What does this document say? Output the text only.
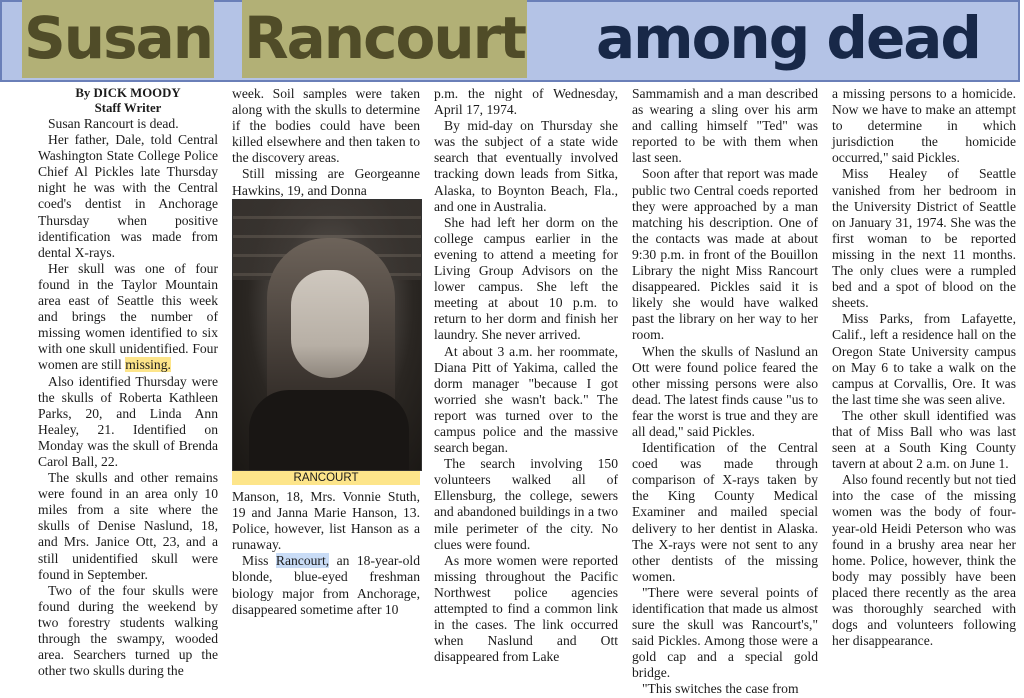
Susan Rancourt among dead
By DICK MOODY
Staff Writer

Susan Rancourt is dead.

Her father, Dale, told Central Washington State College Police Chief Al Pickles late Thursday night he was with the Central coed's dentist in Anchorage Thursday when positive identification was made from dental X-rays.

Her skull was one of four found in the Taylor Mountain area east of Seattle this week and brings the number of missing women identified to six with one skull unidentified. Four women are still missing.

Also identified Thursday were the skulls of Roberta Kathleen Parks, 20, and Linda Ann Healey, 21. Identified on Monday was the skull of Brenda Carol Ball, 22.

The skulls and other remains were found in an area only 10 miles from a site where the skulls of Denise Naslund, 18, and Mrs. Janice Ott, 23, and a still unidentified skull were found in September.

Two of the four skulls were found during the weekend by two forestry students walking through the swampy, wooded area. Searchers turned up the other two skulls during the

week. Soil samples were taken along with the skulls to determine if the bodies could have been killed elsewhere and then taken to the discovery areas.

Still missing are Georgeanne Hawkins, 19, and Donna

RANCOURT

Manson, 18, Mrs. Vonnie Stuth, 19 and Janna Marie Hanson, 13. Police, however, list Hanson as a runaway.

Miss Rancourt, an 18-year-old blonde, blue-eyed freshman biology major from Anchorage, disappeared sometime after 10

p.m. the night of Wednesday, April 17, 1974.

By mid-day on Thursday she was the subject of a state wide search that eventually involved tracking down leads from Sitka, Alaska, to Boynton Beach, Fla., and one in Australia.

She had left her dorm on the college campus earlier in the evening to attend a meeting for Living Group Advisors on the lower campus. She left the meeting at about 10 p.m. to return to her dorm and finish her laundry. She never arrived.

At about 3 a.m. her roommate, Diana Pitt of Yakima, called the dorm manager "because I got worried she wasn't back." The report was turned over to the campus police and the massive search began.

The search involving 150 volunteers walked all of Ellensburg, the college, sewers and abandoned buildings in a two mile perimeter of the city. No clues were found.

As more women were reported missing throughout the Pacific Northwest police agencies attempted to find a common link in the cases. The link occurred when Naslund and Ott disappeared from Lake

Sammamish and a man described as wearing a sling over his arm and calling himself "Ted" was reported to be with them when last seen.

Soon after that report was made public two Central coeds reported they were approached by a man matching his description. One of the contacts was made at about 9:30 p.m. in front of the Bouillon Library the night Miss Rancourt disappeared. Pickles said it is likely she would have walked past the library on her way to her room.

When the skulls of Naslund an Ott were found police feared the other missing persons were also dead. The latest finds cause "us to fear the worst is true and they are all dead," said Pickles.

Identification of the Central coed was made through comparison of X-rays taken by the King County Medical Examiner and mailed special delivery to her dentist in Alaska. The X-rays were not sent to any other dentists of the missing women.

"There were several points of identification that made us almost sure the skull was Rancourt's," said Pickles. Among those were a gold cap and a special gold bridge.

"This switches the case from

a missing persons to a homicide. Now we have to make an attempt to determine in which jurisdiction the homicide occurred," said Pickles.

Miss Healey of Seattle vanished from her bedroom in the University District of Seattle on January 31, 1974. She was the first woman to be reported missing in the next 11 months. The only clues were a rumpled bed and a spot of blood on the sheets.

Miss Parks, from Lafayette, Calif., left a residence hall on the Oregon State University campus on May 6 to take a walk on the campus at Corvallis, Ore. It was the last time she was seen alive.

The other skull identified was that of Miss Ball who was last seen at a South King County tavern at about 2 a.m. on June 1.

Also found recently but not tied into the case of the missing women was the body of four-year-old Heidi Peterson who was found in a brushy area near her home. Police, however, think the body may possibly have been placed there recently as the area was thoroughly searched with dogs and volunteers following her disappearance.
